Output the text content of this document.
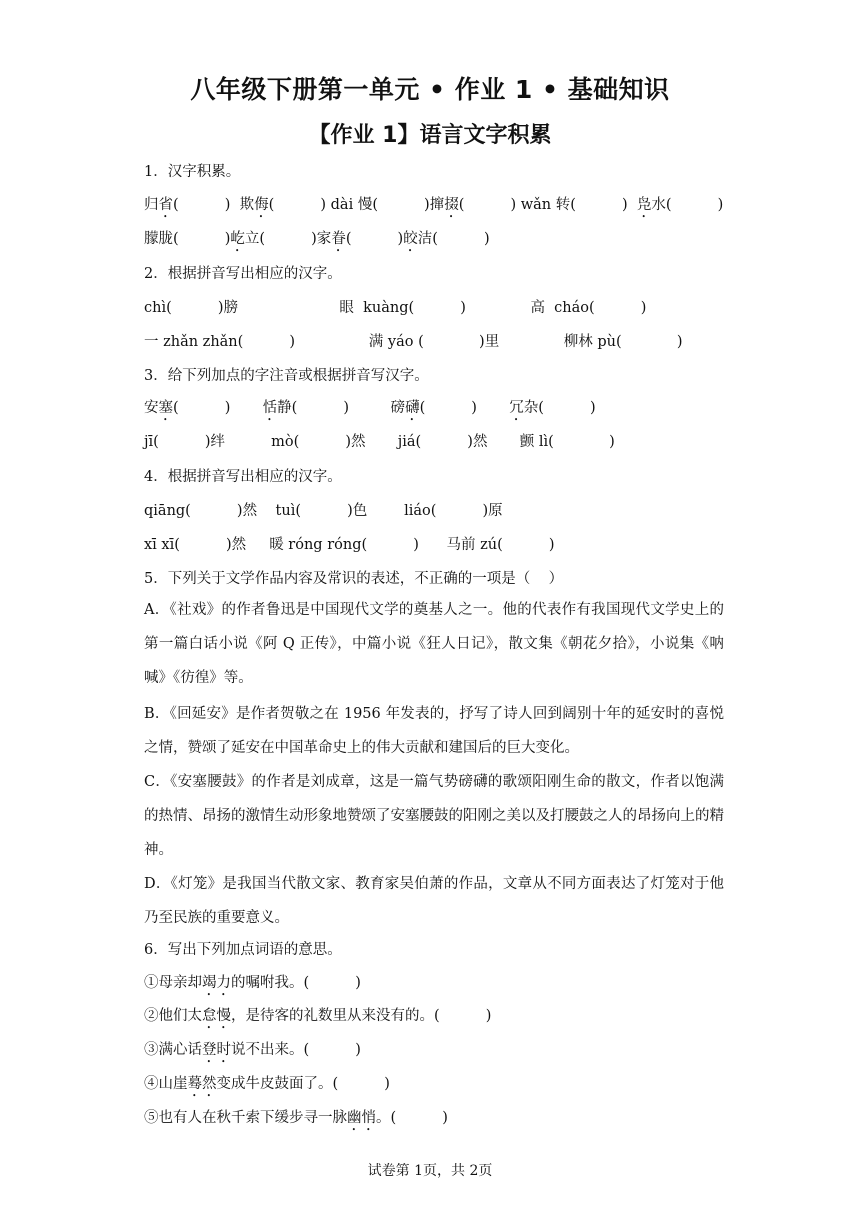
八年级下册第一单元 • 作业 1 • 基础知识
【作业 1】语言文字积累
1．汉字积累。
归省(          )  欺侮(          ) dài 慢(          )撺掇(          ) wǎn 转(          )  凫水(          )
朦胧(          )屹立(          )家眷(          )皎洁(          )
2．根据拼音写出相应的汉字。
chì(          )膀                      眼  kuàng(          )              高  cháo(          )
一 zhǎn zhǎn(          )                满 yáo (            )里              柳林 pù(            )
3．给下列加点的字注音或根据拼音写汉字。
安塞(          )       恬静(          )         磅礴(          )       冗杂(          )
jī(          )绊          mò(          )然       jiá(          )然       颤 lì(            )
4．根据拼音写出相应的汉字。
qiāng(          )然    tuì(          )色        liáo(          )原
xī xī(          )然     暖 róng róng(          )      马前 zú(          )
5．下列关于文学作品内容及常识的表述，不正确的一项是（    ）
A．《社戏》的作者鲁迅是中国现代文学的奠基人之一。他的代表作有我国现代文学史上的第一篇白话小说《阿 Q 正传》，中篇小说《狂人日记》，散文集《朝花夕拾》，小说集《呐喊》《彷徨》等。
B．《回延安》是作者贺敬之在 1956 年发表的，抒写了诗人回到阔别十年的延安时的喜悦之情，赞颂了延安在中国革命史上的伟大贡献和建国后的巨大变化。
C．《安塞腰鼓》的作者是刘成章，这是一篇气势磅礴的歌颂阳刚生命的散文，作者以饱满的热情、昂扬的激情生动形象地赞颂了安塞腰鼓的阳刚之美以及打腰鼓之人的昂扬向上的精神。
D．《灯笼》是我国当代散文家、教育家吴伯萧的作品，文章从不同方面表达了灯笼对于他乃至民族的重要意义。
6．写出下列加点词语的意思。
①母亲却竭力的嘱咐我。(          )
②他们太怠慢，是待客的礼数里从来没有的。(          )
③满心话登时说不出来。(          )
④山崖蓦然变成牛皮鼓面了。(          )
⑤也有人在秋千索下缓步寻一脉幽悄。(          )
试卷第 1页，共 2页
